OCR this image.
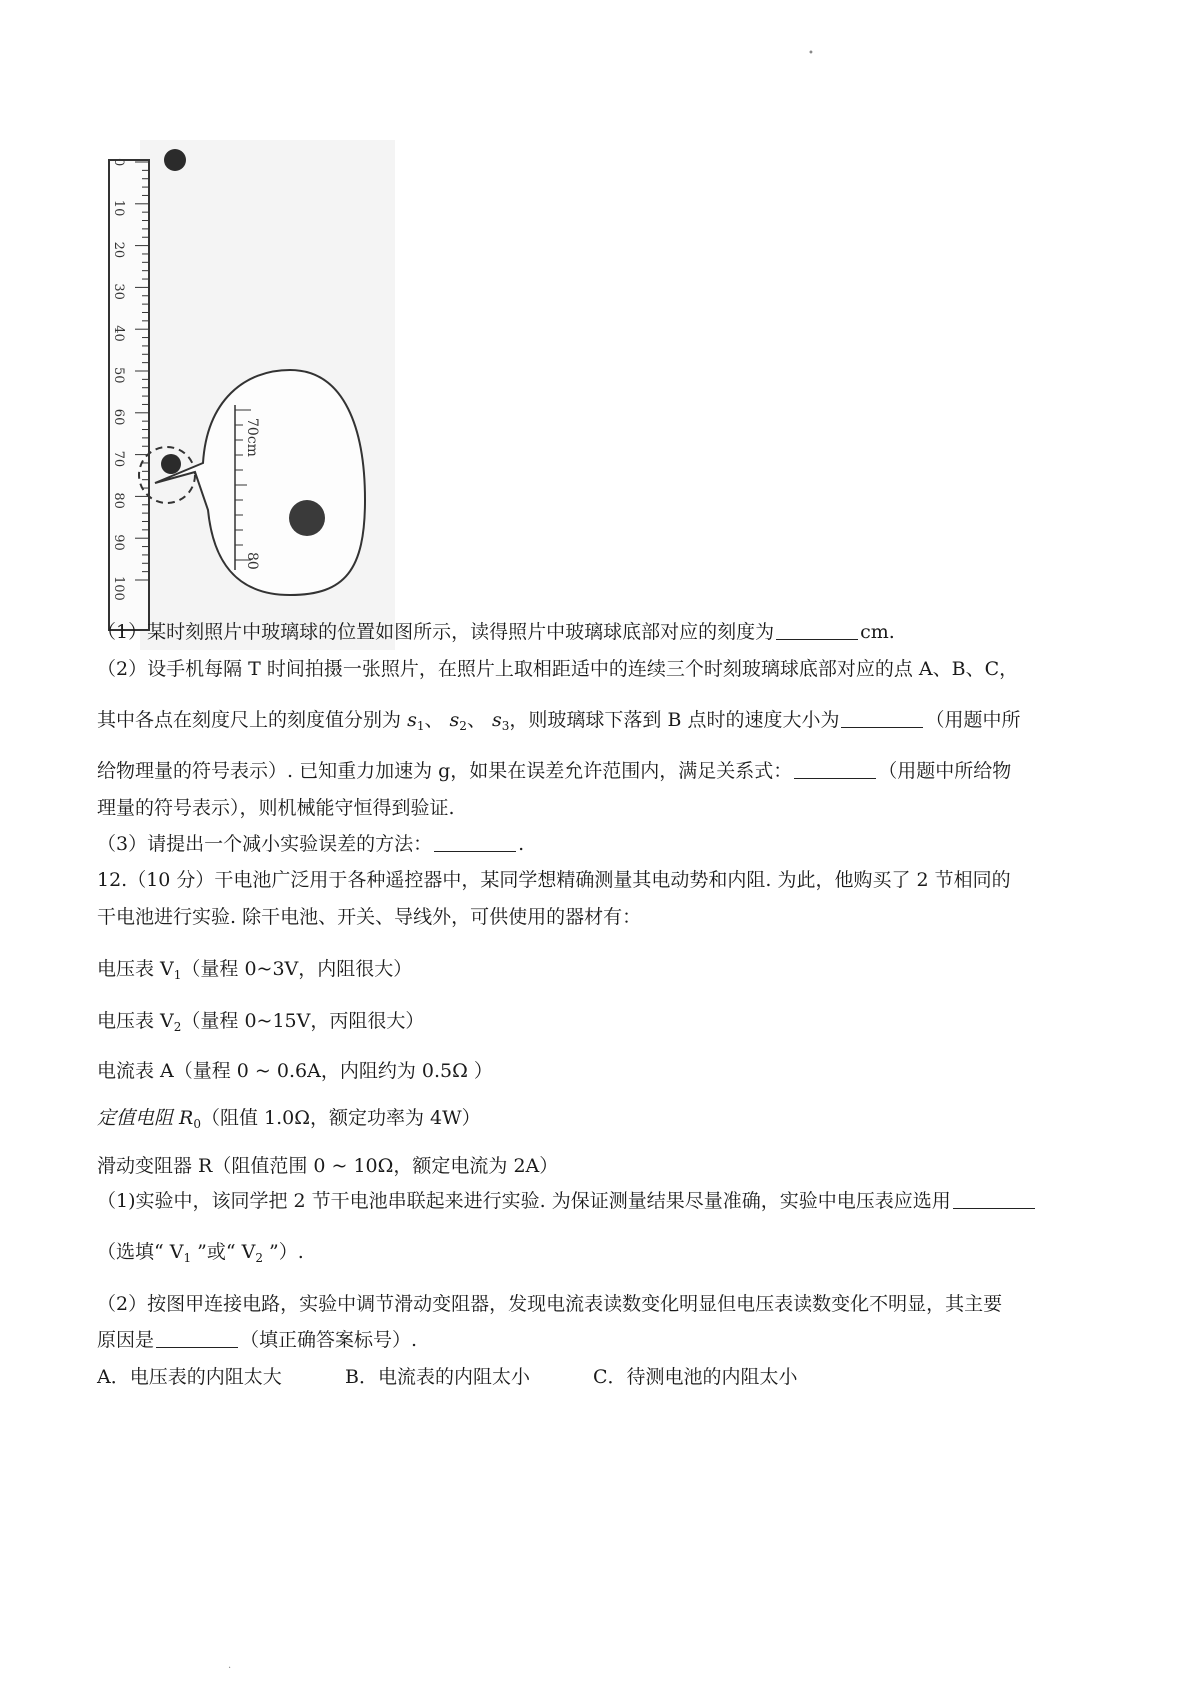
•
.
0
10
20
30
40
50
60
70
80
90
100
70cm
80
（1）某时刻照片中玻璃球的位置如图所示，读得照片中玻璃球底部对应的刻度为	cm.
（2）设手机每隔 T 时间拍摄一张照片，在照片上取相距适中的连续三个时刻玻璃球底部对应的点 A、B、C，
其中各点在刻度尺上的刻度值分别为 $s_1$、 $s_2$、 $s_3$，则玻璃球下落到 B 点时的速度大小为	（用题中所
给物理量的符号表示）. 已知重力加速为 g，如果在误差允许范围内，满足关系式：	（用题中所给物
理量的符号表示），则机械能守恒得到验证.
（3）请提出一个减小实验误差的方法：	.
12.（10 分）干电池广泛用于各种遥控器中，某同学想精确测量其电动势和内阻. 为此，他购买了 2 节相同的
干电池进行实验. 除干电池、开关、导线外，可供使用的器材有：
电压表 $V_1$（量程 0~3V，内阻很大）
电压表 $V_2$（量程 0~15V，丙阻很大）
电流表 A（量程 0 ~ 0.6A，内阻约为 0.5Ω ）
定值电阻 $R_0$（阻值 1.0Ω，额定功率为 4W）
滑动变阻器 R（阻值范围 0 ~ 10Ω，额定电流为 2A）
（1)实验中，该同学把 2 节干电池串联起来进行实验. 为保证测量结果尽量准确，实验中电压表应选用
（选填“ $V_1$ ”或“ $V_2$ ”）.
（2）按图甲连接电路，实验中调节滑动变阻器，发现电流表读数变化明显但电压表读数变化不明显，其主要
原因是	（填正确答案标号）.
A．电压表的内阻太大	B．电流表的内阻太小	C．待测电池的内阻太小
